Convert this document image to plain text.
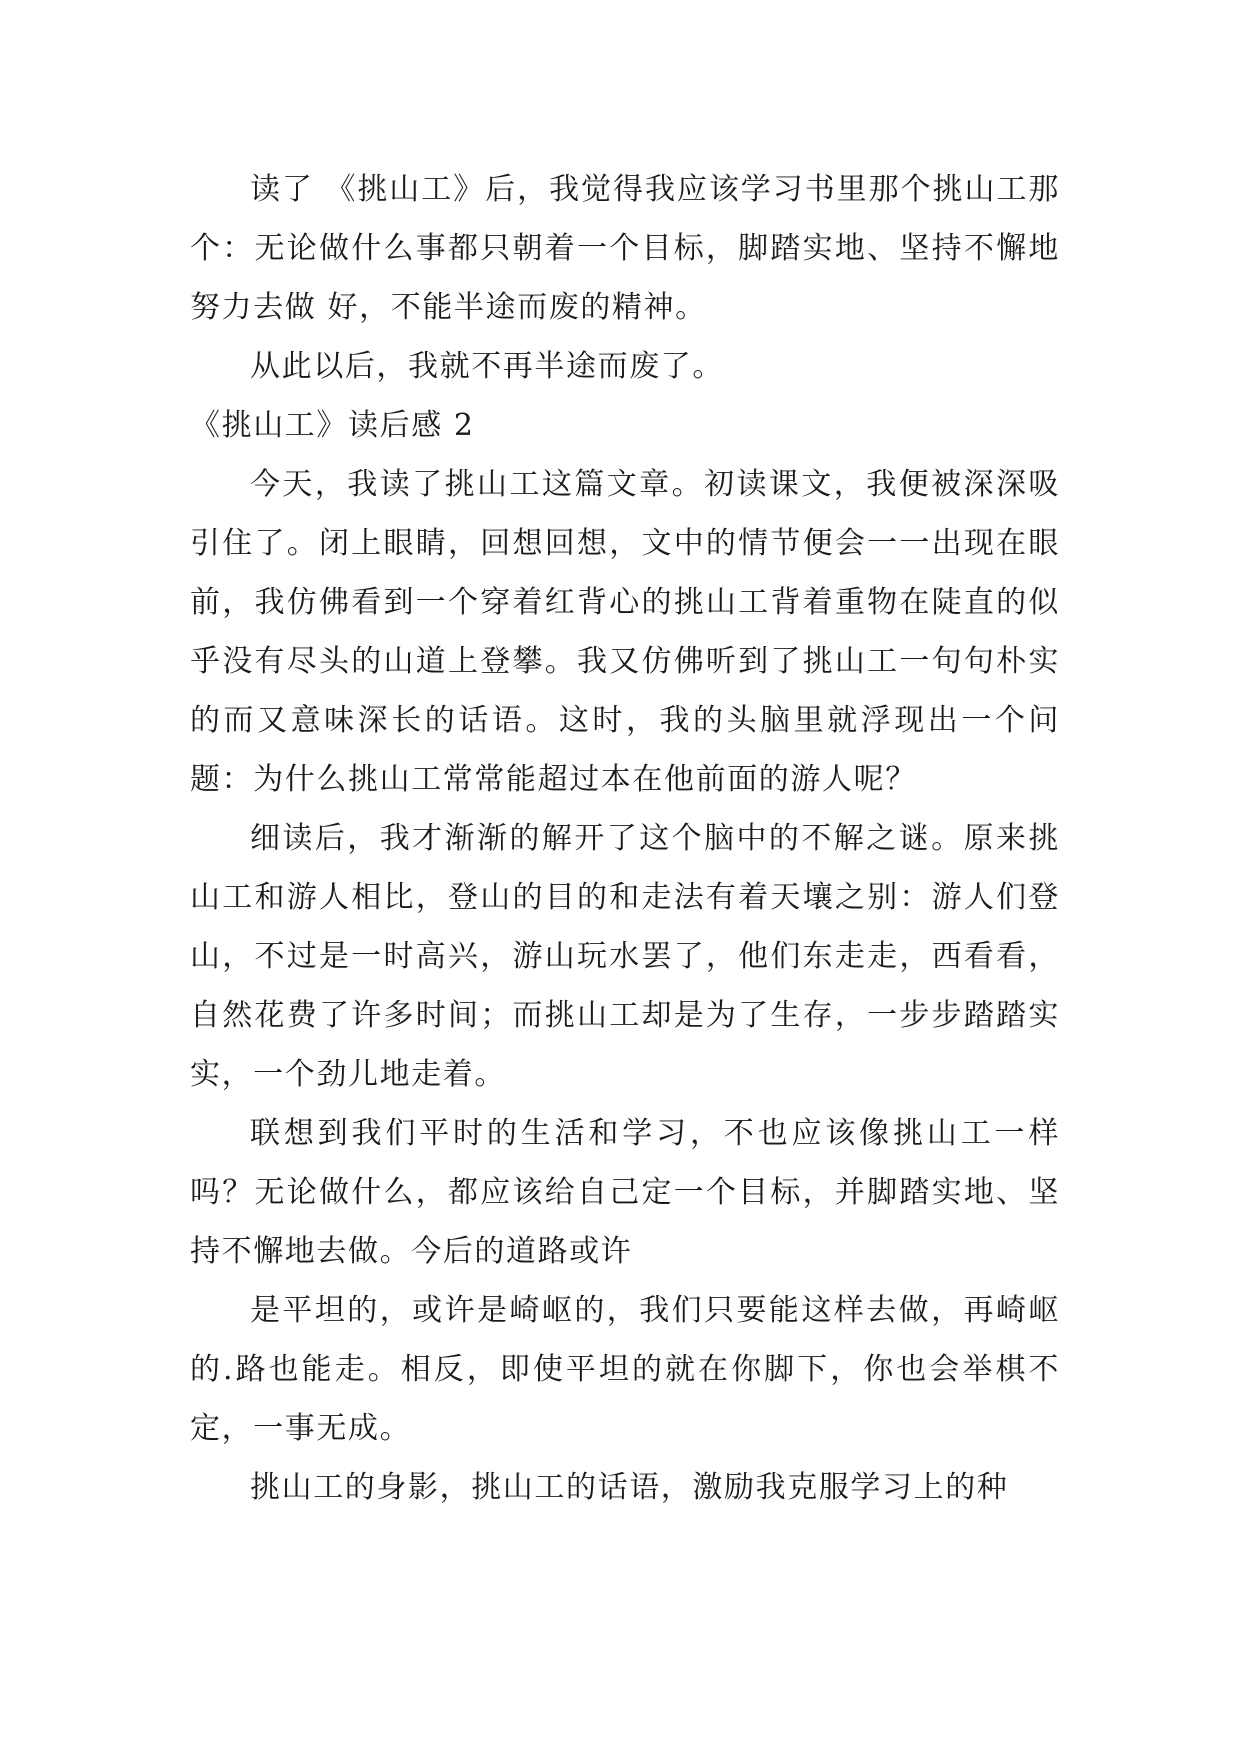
读了 《挑山工》后，我觉得我应该学习书里那个挑山工那个：无论做什么事都只朝着一个目标，脚踏实地、坚持不懈地努力去做 好，不能半途而废的精神。

从此以后，我就不再半途而废了。

《挑山工》读后感 2

今天，我读了挑山工这篇文章。初读课文，我便被深深吸引住了。闭上眼睛，回想回想，文中的情节便会一一出现在眼前，我仿佛看到一个穿着红背心的挑山工背着重物在陡直的似乎没有尽头的山道上登攀。我又仿佛听到了挑山工一句句朴实的而又意味深长的话语。这时，我的头脑里就浮现出一个问题：为什么挑山工常常能超过本在他前面的游人呢？

细读后，我才渐渐的解开了这个脑中的不解之谜。原来挑山工和游人相比，登山的目的和走法有着天壤之别：游人们登山，不过是一时高兴，游山玩水罢了，他们东走走，西看看，自然花费了许多时间；而挑山工却是为了生存，一步步踏踏实实，一个劲儿地走着。

联想到我们平时的生活和学习，不也应该像挑山工一样吗？无论做什么，都应该给自己定一个目标，并脚踏实地、坚持不懈地去做。今后的道路或许

是平坦的，或许是崎岖的，我们只要能这样去做，再崎岖的.路也能走。相反，即使平坦的就在你脚下，你也会举棋不定，一事无成。

挑山工的身影，挑山工的话语，激励我克服学习上的种
